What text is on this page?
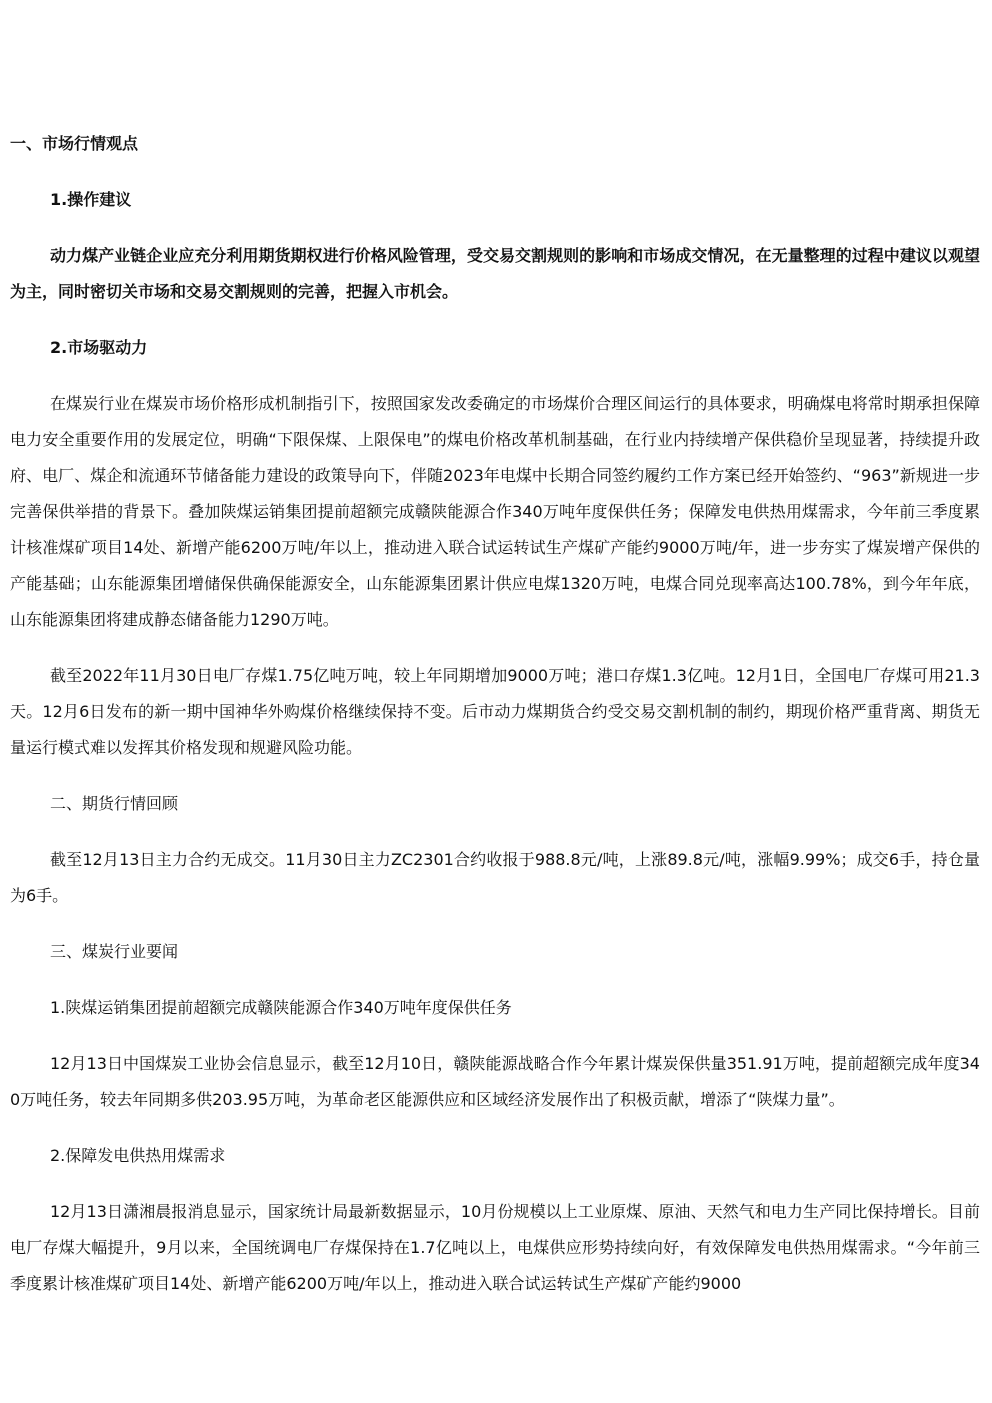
一、市场行情观点

1.操作建议

动力煤产业链企业应充分利用期货期权进行价格风险管理，受交易交割规则的影响和市场成交情况，在无量整理的过程中建议以观望为主，同时密切关市场和交易交割规则的完善，把握入市机会。

2.市场驱动力

在煤炭行业在煤炭市场价格形成机制指引下，按照国家发改委确定的市场煤价合理区间运行的具体要求，明确煤电将常时期承担保障电力安全重要作用的发展定位，明确“下限保煤、上限保电”的煤电价格改革机制基础，在行业内持续增产保供稳价呈现显著，持续提升政府、电厂、煤企和流通环节储备能力建设的政策导向下，伴随2023年电煤中长期合同签约履约工作方案已经开始签约、“963”新规进一步完善保供举措的背景下。叠加陕煤运销集团提前超额完成赣陕能源合作340万吨年度保供任务；保障发电供热用煤需求，今年前三季度累计核准煤矿项目14处、新增产能6200万吨/年以上，推动进入联合试运转试生产煤矿产能约9000万吨/年，进一步夯实了煤炭增产保供的产能基础；山东能源集团增储保供确保能源安全，山东能源集团累计供应电煤1320万吨，电煤合同兑现率高达100.78%，到今年年底，山东能源集团将建成静态储备能力1290万吨。

截至2022年11月30日电厂存煤1.75亿吨万吨，较上年同期增加9000万吨；港口存煤1.3亿吨。12月1日，全国电厂存煤可用21.3天。12月6日发布的新一期中国神华外购煤价格继续保持不变。后市动力煤期货合约受交易交割机制的制约，期现价格严重背离、期货无量运行模式难以发挥其价格发现和规避风险功能。

二、期货行情回顾

截至12月13日主力合约无成交。11月30日主力ZC2301合约收报于988.8元/吨，上涨89.8元/吨，涨幅9.99%；成交6手，持仓量为6手。

三、煤炭行业要闻

1.陕煤运销集团提前超额完成赣陕能源合作340万吨年度保供任务

12月13日中国煤炭工业协会信息显示，截至12月10日，赣陕能源战略合作今年累计煤炭保供量351.91万吨，提前超额完成年度340万吨任务，较去年同期多供203.95万吨，为革命老区能源供应和区域经济发展作出了积极贡献，增添了“陕煤力量”。

2.保障发电供热用煤需求

12月13日潇湘晨报消息显示，国家统计局最新数据显示，10月份规模以上工业原煤、原油、天然气和电力生产同比保持增长。目前电厂存煤大幅提升，9月以来，全国统调电厂存煤保持在1.7亿吨以上，电煤供应形势持续向好，有效保障发电供热用煤需求。“今年前三季度累计核准煤矿项目14处、新增产能6200万吨/年以上，推动进入联合试运转试生产煤矿产能约9000
